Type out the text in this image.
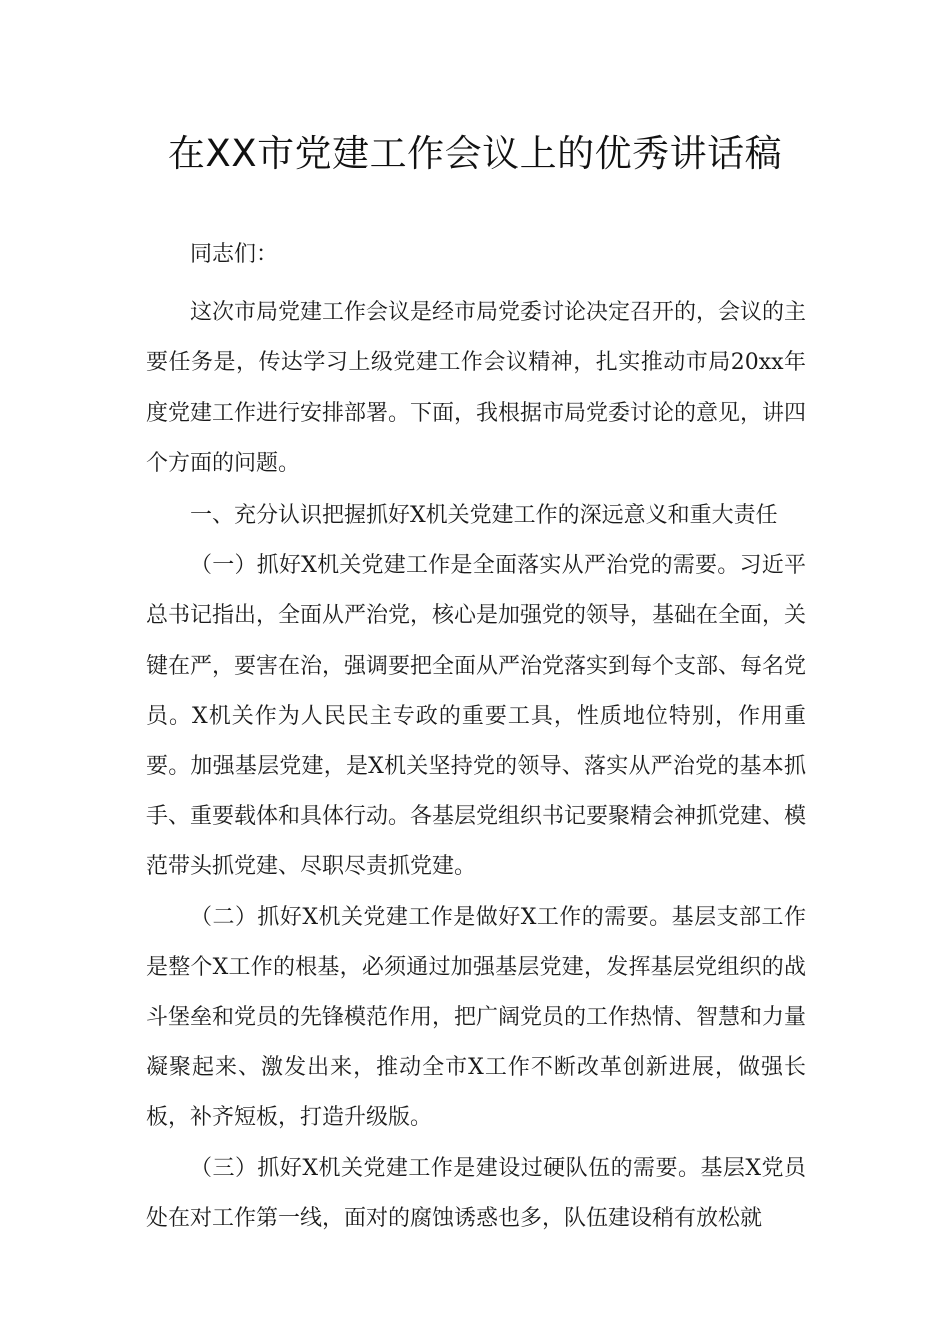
在XX市党建工作会议上的优秀讲话稿

同志们：

这次市局党建工作会议是经市局党委讨论决定召开的，会议的主要任务是，传达学习上级党建工作会议精神，扎实推动市局20xx年度党建工作进行安排部署。下面，我根据市局党委讨论的意见，讲四个方面的问题。

一、充分认识把握抓好X机关党建工作的深远意义和重大责任

（一）抓好X机关党建工作是全面落实从严治党的需要。习近平总书记指出，全面从严治党，核心是加强党的领导，基础在全面，关键在严，要害在治，强调要把全面从严治党落实到每个支部、每名党员。X机关作为人民民主专政的重要工具，性质地位特别，作用重要。加强基层党建，是X机关坚持党的领导、落实从严治党的基本抓手、重要载体和具体行动。各基层党组织书记要聚精会神抓党建、模范带头抓党建、尽职尽责抓党建。

（二）抓好X机关党建工作是做好X工作的需要。基层支部工作是整个X工作的根基，必须通过加强基层党建，发挥基层党组织的战斗堡垒和党员的先锋模范作用，把广阔党员的工作热情、智慧和力量凝聚起来、激发出来，推动全市X工作不断改革创新进展，做强长板，补齐短板，打造升级版。

（三）抓好X机关党建工作是建设过硬队伍的需要。基层X党员处在对工作第一线，面对的腐蚀诱惑也多，队伍建设稍有放松就
